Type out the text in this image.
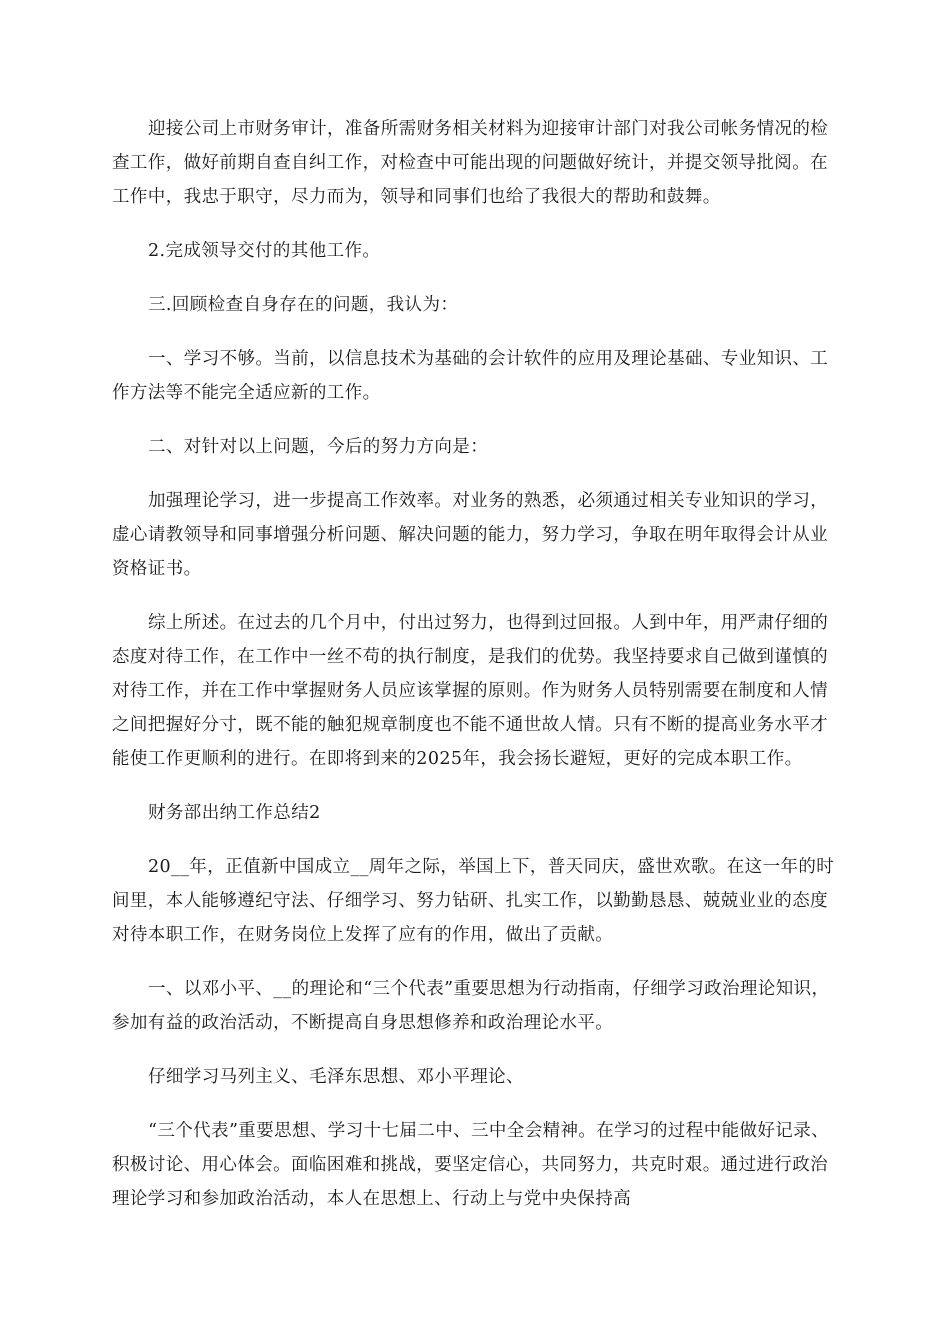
迎接公司上市财务审计，准备所需财务相关材料为迎接审计部门对我公司帐务情况的检查工作，做好前期自查自纠工作，对检查中可能出现的问题做好统计，并提交领导批阅。在工作中，我忠于职守，尽力而为，领导和同事们也给了我很大的帮助和鼓舞。

2.完成领导交付的其他工作。

三.回顾检查自身存在的问题，我认为：

一、学习不够。当前，以信息技术为基础的会计软件的应用及理论基础、专业知识、工作方法等不能完全适应新的工作。

二、对针对以上问题，今后的努力方向是：

加强理论学习，进一步提高工作效率。对业务的熟悉，必须通过相关专业知识的学习，虚心请教领导和同事增强分析问题、解决问题的能力，努力学习，争取在明年取得会计从业资格证书。

综上所述。在过去的几个月中，付出过努力，也得到过回报。人到中年，用严肃仔细的态度对待工作，在工作中一丝不苟的执行制度，是我们的优势。我坚持要求自己做到谨慎的对待工作，并在工作中掌握财务人员应该掌握的原则。作为财务人员特别需要在制度和人情之间把握好分寸，既不能的触犯规章制度也不能不通世故人情。只有不断的提高业务水平才能使工作更顺利的进行。在即将到来的2025年，我会扬长避短，更好的完成本职工作。

财务部出纳工作总结2

20__年，正值新中国成立__周年之际，举国上下，普天同庆，盛世欢歌。在这一年的时间里，本人能够遵纪守法、仔细学习、努力钻研、扎实工作，以勤勤恳恳、兢兢业业的态度对待本职工作，在财务岗位上发挥了应有的作用，做出了贡献。

一、以邓小平、__的理论和“三个代表”重要思想为行动指南，仔细学习政治理论知识，参加有益的政治活动，不断提高自身思想修养和政治理论水平。

仔细学习马列主义、毛泽东思想、邓小平理论、

“三个代表”重要思想、学习十七届二中、三中全会精神。在学习的过程中能做好记录、积极讨论、用心体会。面临困难和挑战，要坚定信心，共同努力，共克时艰。通过进行政治理论学习和参加政治活动，本人在思想上、行动上与党中央保持高
